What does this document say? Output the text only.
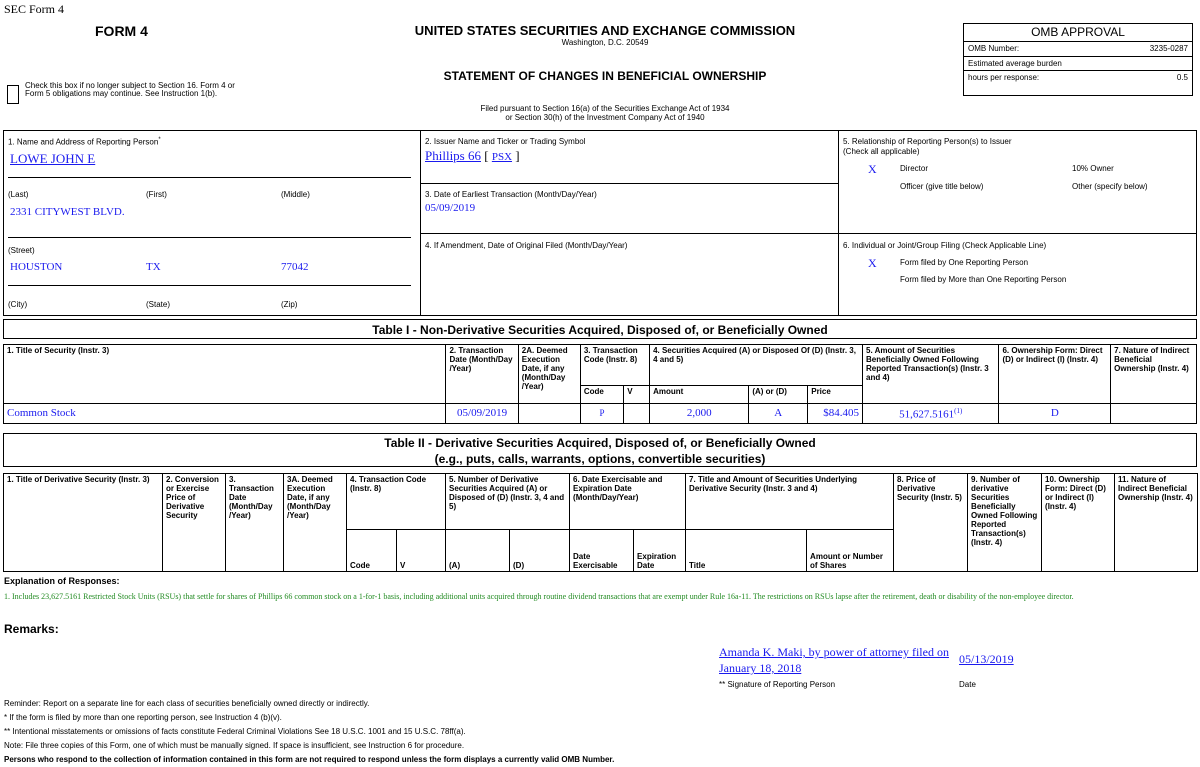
SEC Form 4
FORM 4	UNITED STATES SECURITIES AND EXCHANGE COMMISSION
Washington, D.C. 20549
STATEMENT OF CHANGES IN BENEFICIAL OWNERSHIP
Filed pursuant to Section 16(a) of the Securities Exchange Act of 1934
or Section 30(h) of the Investment Company Act of 1940
Check this box if no longer subject to Section 16. Form 4 or Form 5 obligations may continue. See Instruction 1(b).
OMB APPROVAL
OMB Number:	3235-0287
Estimated average burden
hours per response:	0.5
1. Name and Address of Reporting Person*
LOWE JOHN E
(Last)	(First)	(Middle)
2331 CITYWEST BLVD.
(Street)
HOUSTON	TX	77042
(City)	(State)	(Zip)
2. Issuer Name and Ticker or Trading Symbol
Phillips 66 [ PSX ]
3. Date of Earliest Transaction (Month/Day/Year)
05/09/2019
4. If Amendment, Date of Original Filed (Month/Day/Year)
5. Relationship of Reporting Person(s) to Issuer
(Check all applicable)
X	Director	10% Owner
Officer (give title below)	Other (specify below)
6. Individual or Joint/Group Filing (Check Applicable Line)
X	Form filed by One Reporting Person
Form filed by More than One Reporting Person
Table I - Non-Derivative Securities Acquired, Disposed of, or Beneficially Owned
1. Title of Security (Instr. 3)	2. Transaction Date (Month/Day /Year)	2A. Deemed Execution Date, if any (Month/Day /Year)	3. Transaction Code (Instr. 8)		4. Securities Acquired (A) or Disposed Of (D) (Instr. 3, 4 and 5)			5. Amount of Securities Beneficially Owned Following Reported Transaction(s) (Instr. 3 and 4)	6. Ownership Form: Direct (D) or Indirect (I) (Instr. 4)	7. Nature of Indirect Beneficial Ownership (Instr. 4)
			Code	V	Amount	(A) or (D)	Price			
Common Stock	05/09/2019		P		2,000	A	$84.405	51,627.5161$^{(1)}$	D	
Table II - Derivative Securities Acquired, Disposed of, or Beneficially Owned
(e.g., puts, calls, warrants, options, convertible securities)
1. Title of Derivative Security (Instr. 3)	2. Conversion or Exercise Price of Derivative Security	3. Transaction Date (Month/Day /Year)	3A. Deemed Execution Date, if any (Month/Day /Year)	4. Transaction Code (Instr. 8)		5. Number of Derivative Securities Acquired (A) or Disposed of (D) (Instr. 3, 4 and 5)		6. Date Exercisable and Expiration Date (Month/Day/Year)		7. Title and Amount of Securities Underlying Derivative Security (Instr. 3 and 4)		8. Price of Derivative Security (Instr. 5)	9. Number of derivative Securities Beneficially Owned Following Reported Transaction(s) (Instr. 4)	10. Ownership Form: Direct (D) or Indirect (I) (Instr. 4)	11. Nature of Indirect Beneficial Ownership (Instr. 4)
				Code	V	(A)	(D)	Date Exercisable	Expiration Date	Title	Amount or Number of Shares				
Explanation of Responses:
1. Includes 23,627.5161 Restricted Stock Units (RSUs) that settle for shares of Phillips 66 common stock on a 1-for-1 basis, including additional units acquired through routine dividend transactions that are exempt under Rule 16a-11. The restrictions on RSUs lapse after the retirement, death or disability of the non-employee director.
Remarks:
Amanda K. Maki, by power of attorney filed on
January 18, 2018
05/13/2019
** Signature of Reporting Person	Date
Reminder: Report on a separate line for each class of securities beneficially owned directly or indirectly.
* If the form is filed by more than one reporting person, see Instruction 4 (b)(v).
** Intentional misstatements or omissions of facts constitute Federal Criminal Violations See 18 U.S.C. 1001 and 15 U.S.C. 78ff(a).
Note: File three copies of this Form, one of which must be manually signed. If space is insufficient, see Instruction 6 for procedure.
Persons who respond to the collection of information contained in this form are not required to respond unless the form displays a currently valid OMB Number.
